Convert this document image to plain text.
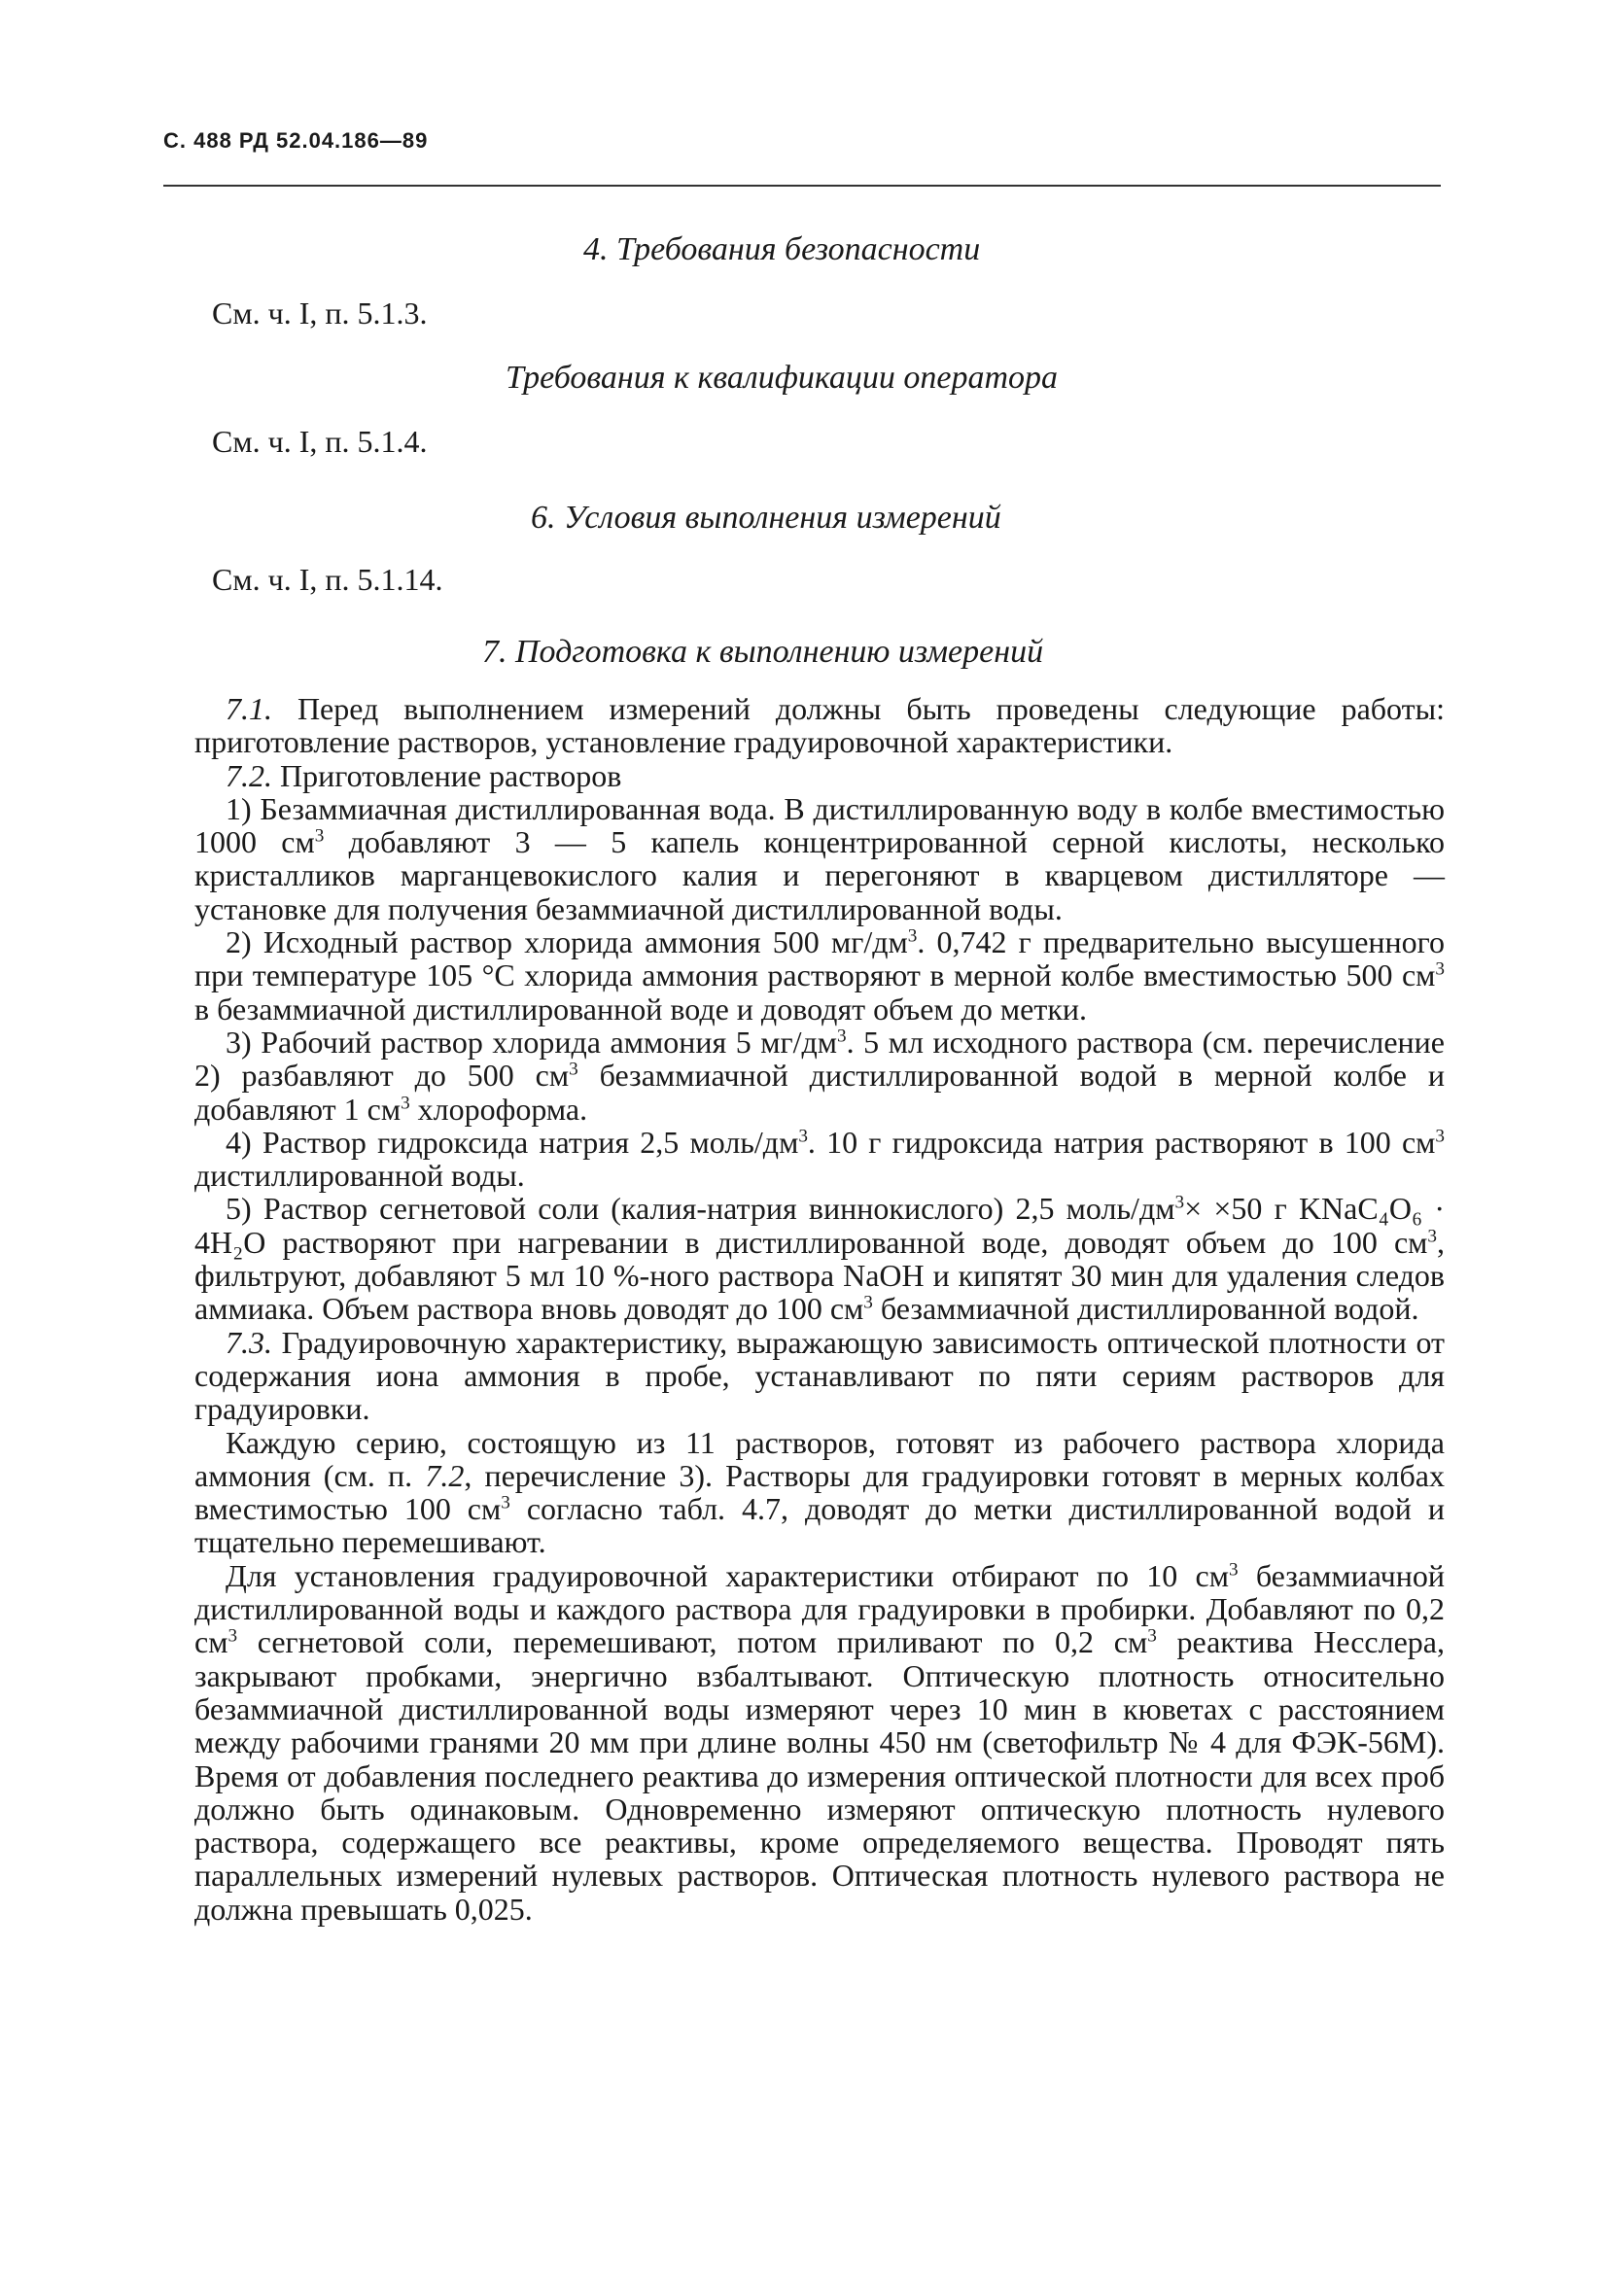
С. 488 РД 52.04.186—89
4. Требования безопасности
См. ч. I, п. 5.1.3.
Требования к квалификации оператора
См. ч. I, п. 5.1.4.
6. Условия выполнения измерений
См. ч. I, п. 5.1.14.
7. Подготовка к выполнению измерений

7.1. Перед выполнением измерений должны быть проведены следующие работы: приготовление растворов, установление градуировочной характеристики.

7.2. Приготовление растворов

1) Безаммиачная дистиллированная вода. В дистиллированную воду в колбе вместимостью 1000 $см^3$ добавляют 3 — 5 капель концентрированной серной кислоты, несколько кристалликов марганцевокислого калия и перегоняют в кварцевом дистилляторе — установке для получения безаммиачной дистиллированной воды.

2) Исходный раствор хлорида аммония 500 $мг/дм^3$. 0,742 г предварительно высушенного при температуре 105 °C хлорида аммония растворяют в мерной колбе вместимостью 500 $см^3$ в безаммиачной дистиллированной воде и доводят объем до метки.

3) Рабочий раствор хлорида аммония 5 $мг/дм^3$. 5 мл исходного раствора (см. перечисление 2) разбавляют до 500 $см^3$ безаммиачной дистиллированной водой в мерной колбе и добавляют 1 $см^3$ хлороформа.

4) Раствор гидроксида натрия 2,5 моль/$дм^3$. 10 г гидроксида натрия растворяют в 100 $см^3$ дистиллированной воды.

5) Раствор сегнетовой соли (калия-натрия виннокислого) 2,5 моль/$дм^3\times \times 50$ г KNaC₄O₆ · 4H₂O растворяют при нагревании в дистиллированной воде, доводят объем до 100 $см^3$, фильтруют, добавляют 5 мл 10 %-ного раствора NaOH и кипятят 30 мин для удаления следов аммиака. Объем раствора вновь доводят до 100 $см^3$ безаммиачной дистиллированной водой.

7.3. Градуировочную характеристику, выражающую зависимость оптической плотности от содержания иона аммония в пробе, устанавливают по пяти сериям растворов для градуировки.

Каждую серию, состоящую из 11 растворов, готовят из рабочего раствора хлорида аммония (см. п. 7.2, перечисление 3). Растворы для градуировки готовят в мерных колбах вместимостью 100 $см^3$ согласно табл. 4.7, доводят до метки дистиллированной водой и тщательно перемешивают.

Для установления градуировочной характеристики отбирают по 10 $см^3$ безаммиачной дистиллированной воды и каждого раствора для градуировки в пробирки. Добавляют по 0,2 $см^3$ сегнетовой соли, перемешивают, потом приливают по 0,2 $см^3$ реактива Несслера, закрывают пробками, энергично взбалтывают. Оптическую плотность относительно безаммиачной дистиллированной воды измеряют через 10 мин в кюветах с расстоянием между рабочими гранями 20 мм при длине волны 450 нм (светофильтр № 4 для ФЭК-56М). Время от добавления последнего реактива до измерения оптической плотности для всех проб должно быть одинаковым. Одновременно измеряют оптическую плотность нулевого раствора, содержащего все реактивы, кроме определяемого вещества. Проводят пять параллельных измерений нулевых растворов. Оптическая плотность нулевого раствора не должна превышать 0,025.
